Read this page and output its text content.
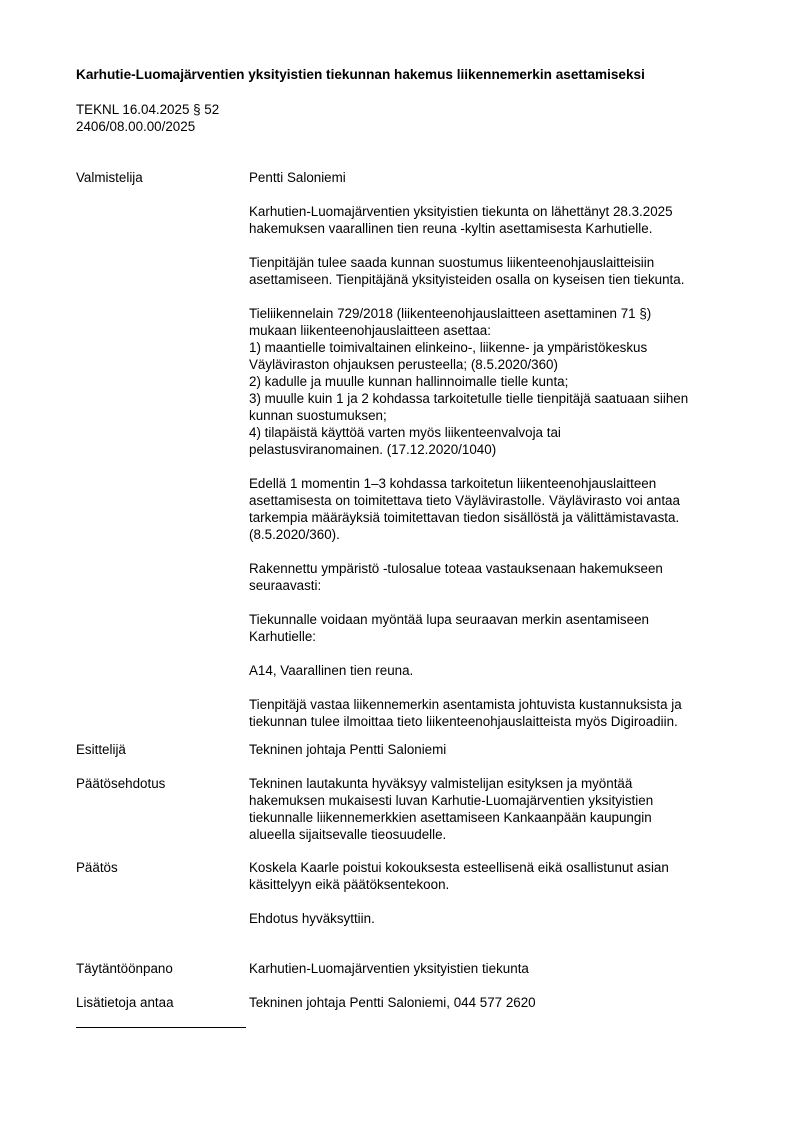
Karhutie-Luomajärventien yksityistien tiekunnan hakemus liikennemerkin asettamiseksi
TEKNL 16.04.2025 § 52
2406/08.00.00/2025
Valmistelija	Pentti Saloniemi

Karhutien-Luomajärventien yksityistien tiekunta on lähettänyt 28.3.2025
hakemuksen vaarallinen tien reuna -kyltin asettamisesta Karhutielle.

Tienpitäjän tulee saada kunnan suostumus liikenteenohjauslaitteisiin
asettamiseen. Tienpitäjänä yksityisteiden osalla on kyseisen tien tiekunta.

Tieliikennelain 729/2018 (liikenteenohjauslaitteen asettaminen 71 §)
mukaan liikenteenohjauslaitteen asettaa:
1) maantielle toimivaltainen elinkeino-, liikenne- ja ympäristökeskus
Väyläviraston ohjauksen perusteella; (8.5.2020/360)
2) kadulle ja muulle kunnan hallinnoimalle tielle kunta;
3) muulle kuin 1 ja 2 kohdassa tarkoitetulle tielle tienpitäjä saatuaan siihen
kunnan suostumuksen;
4) tilapäistä käyttöä varten myös liikenteenvalvoja tai
pelastusviranomainen. (17.12.2020/1040)

Edellä 1 momentin 1–3 kohdassa tarkoitetun liikenteenohjauslaitteen
asettamisesta on toimitettava tieto Väylävirastolle. Väylävirasto voi antaa
tarkempia määräyksiä toimitettavan tiedon sisällöstä ja välittämistavasta.
(8.5.2020/360).

Rakennettu ympäristö -tulosalue toteaa vastauksenaan hakemukseen
seuraavasti:

Tiekunnalle voidaan myöntää lupa seuraavan merkin asentamiseen
Karhutielle:

A14, Vaarallinen tien reuna.

Tienpitäjä vastaa liikennemerkin asentamista johtuvista kustannuksista ja
tiekunnan tulee ilmoittaa tieto liikenteenohjauslaitteista myös Digiroadiin.

Esittelijä	Tekninen johtaja Pentti Saloniemi
Päätösehdotus	Tekninen lautakunta hyväksyy valmistelijan esityksen ja myöntää
hakemuksen mukaisesti luvan Karhutie-Luomajärventien yksityistien
tiekunnalle liikennemerkkien asettamiseen Kankaanpään kaupungin
alueella sijaitsevalle tieosuudelle.
Päätös	Koskela Kaarle poistui kokouksesta esteellisenä eikä osallistunut asian
käsittelyyn eikä päätöksentekoon.

Ehdotus hyväksyttiin.

Täytäntöönpano	Karhutien-Luomajärventien yksityistien tiekunta
Lisätietoja antaa	Tekninen johtaja Pentti Saloniemi, 044 577 2620
